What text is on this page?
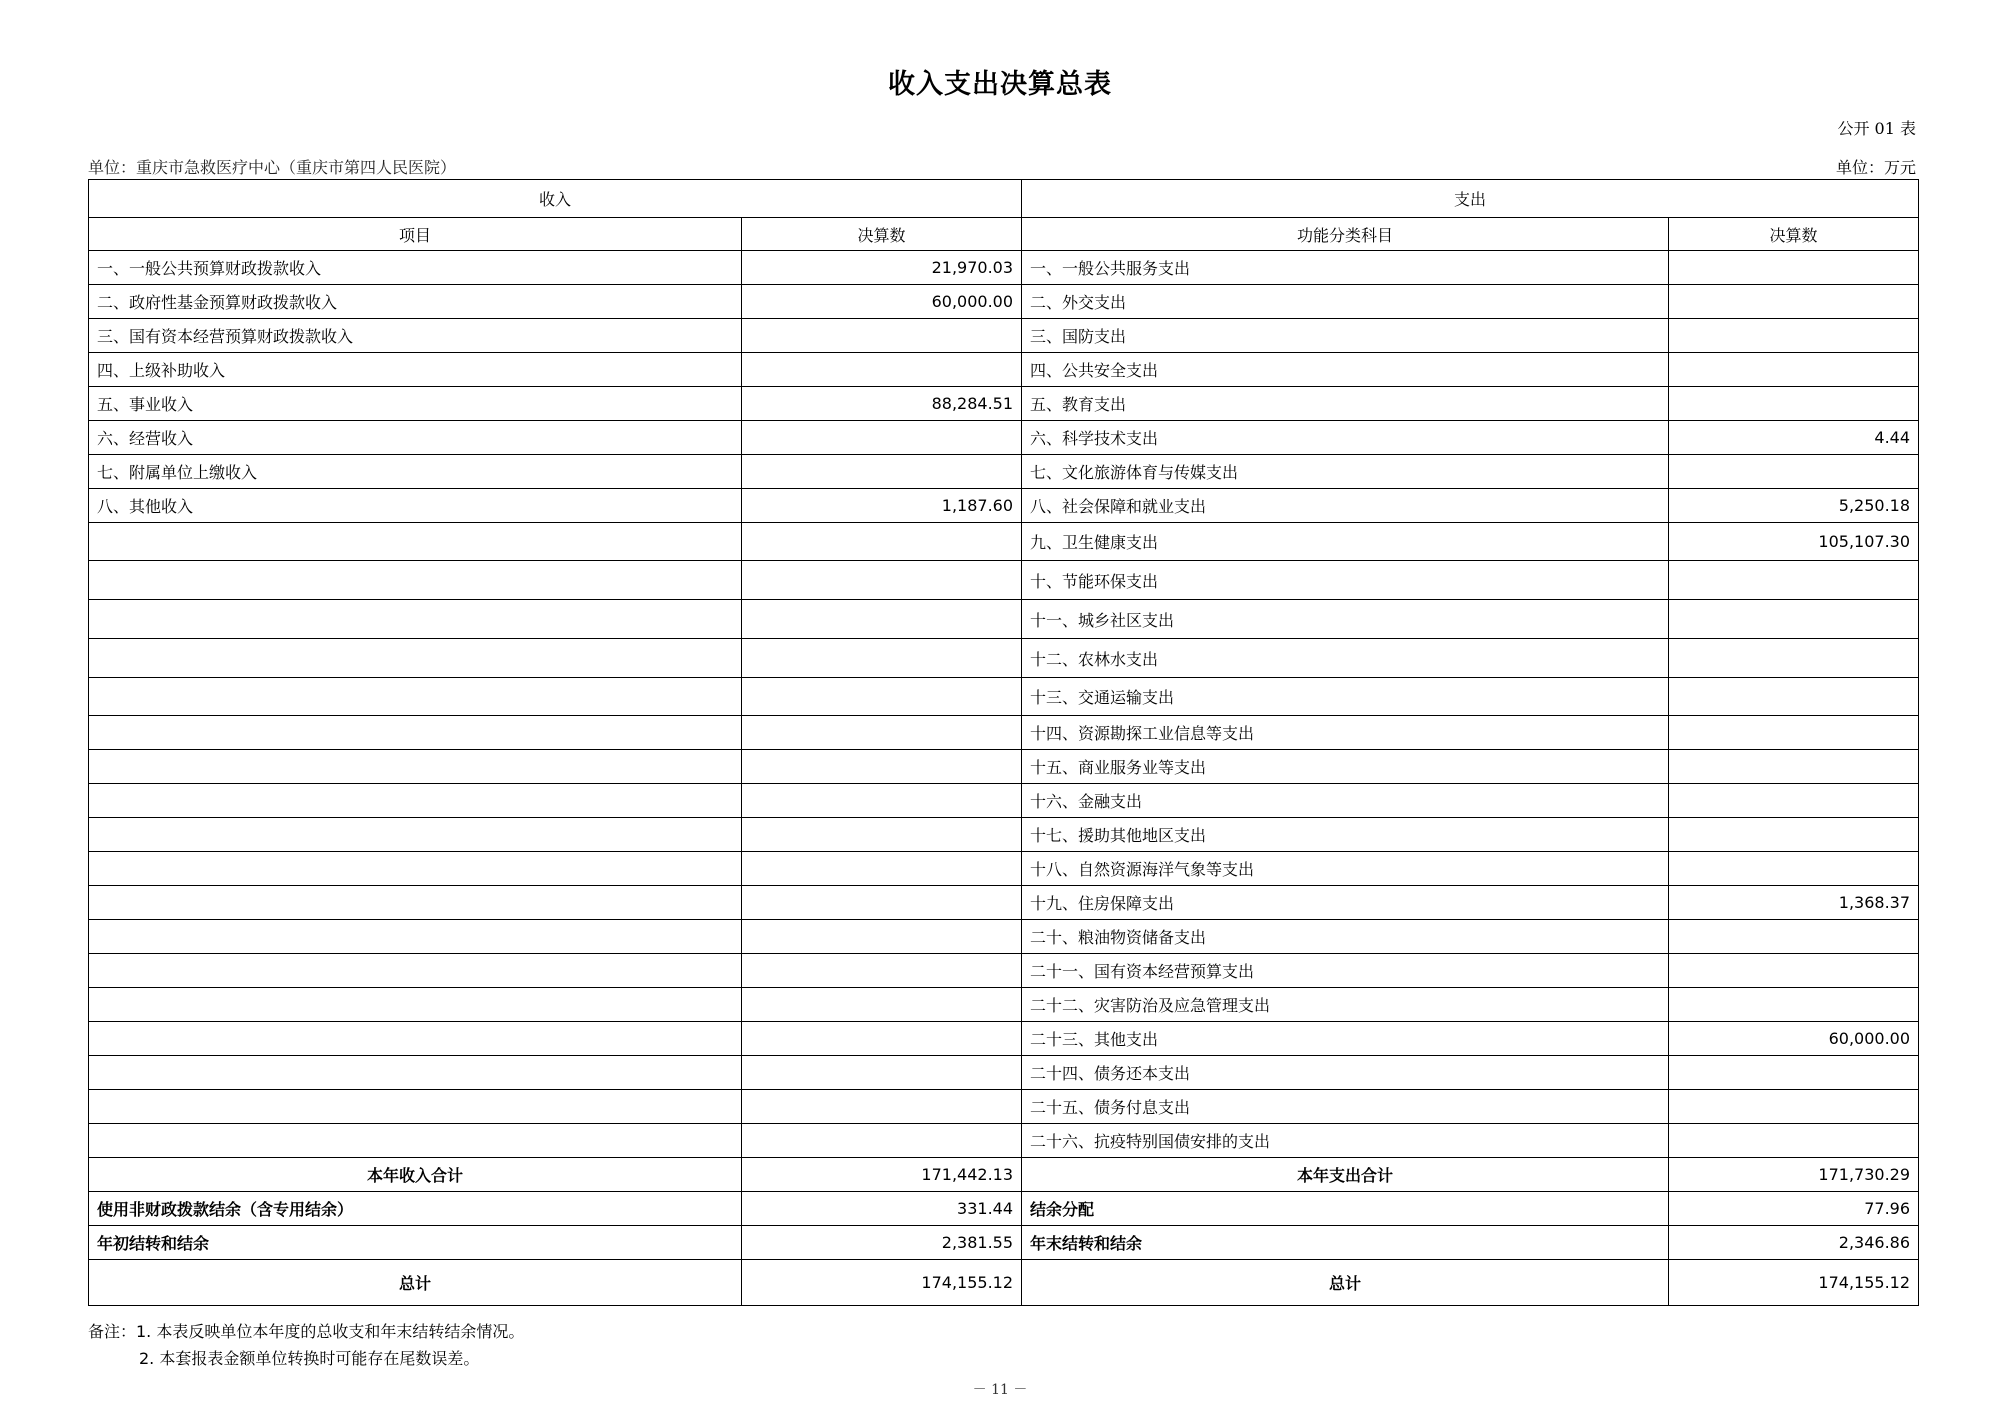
收入支出决算总表
公开 01 表
单位：重庆市急救医疗中心（重庆市第四人民医院）	单位：万元
收入		支出	
项目	决算数	功能分类科目	决算数
一、一般公共预算财政拨款收入	21,970.03	一、一般公共服务支出	
二、政府性基金预算财政拨款收入	60,000.00	二、外交支出	
三、国有资本经营预算财政拨款收入		三、国防支出	
四、上级补助收入		四、公共安全支出	
五、事业收入	88,284.51	五、教育支出	
六、经营收入		六、科学技术支出	4.44
七、附属单位上缴收入		七、文化旅游体育与传媒支出	
八、其他收入	1,187.60	八、社会保障和就业支出	5,250.18
		九、卫生健康支出	105,107.30
		十、节能环保支出	
		十一、城乡社区支出	
		十二、农林水支出	
		十三、交通运输支出	
		十四、资源勘探工业信息等支出	
		十五、商业服务业等支出	
		十六、金融支出	
		十七、援助其他地区支出	
		十八、自然资源海洋气象等支出	
		十九、住房保障支出	1,368.37
		二十、粮油物资储备支出	
		二十一、国有资本经营预算支出	
		二十二、灾害防治及应急管理支出	
		二十三、其他支出	60,000.00
		二十四、债务还本支出	
		二十五、债务付息支出	
		二十六、抗疫特别国债安排的支出	
本年收入合计	171,442.13	本年支出合计	171,730.29
使用非财政拨款结余（含专用结余）	331.44	结余分配	77.96
年初结转和结余	2,381.55	年末结转和结余	2,346.86
总计	174,155.12	总计	174,155.12
备注：1. 本表反映单位本年度的总收支和年末结转结余情况。
2. 本套报表金额单位转换时可能存在尾数误差。
－ 11 －
